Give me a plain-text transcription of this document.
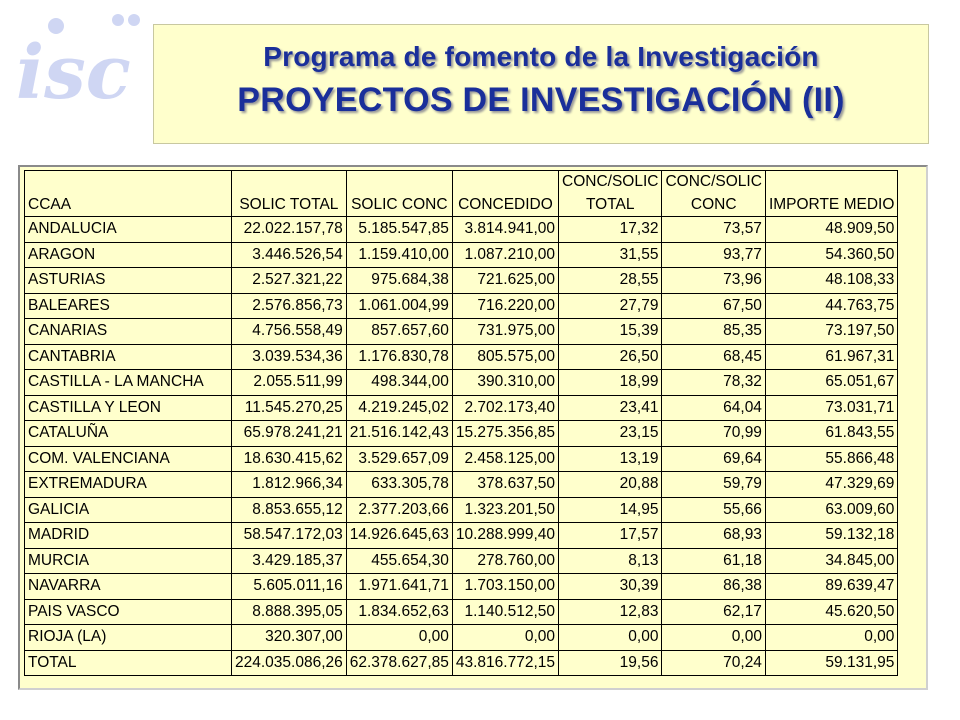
isc	Programa de fomento de la Investigación
PROYECTOS DE INVESTIGACIÓN (II)
				CONC/SOLIC	CONC/SOLIC	
CCAA	SOLIC TOTAL	SOLIC CONC	CONCEDIDO	TOTAL	CONC	IMPORTE MEDIO
ANDALUCIA	22.022.157,78	5.185.547,85	3.814.941,00	17,32	73,57	48.909,50
ARAGON	3.446.526,54	1.159.410,00	1.087.210,00	31,55	93,77	54.360,50
ASTURIAS	2.527.321,22	975.684,38	721.625,00	28,55	73,96	48.108,33
BALEARES	2.576.856,73	1.061.004,99	716.220,00	27,79	67,50	44.763,75
CANARIAS	4.756.558,49	857.657,60	731.975,00	15,39	85,35	73.197,50
CANTABRIA	3.039.534,36	1.176.830,78	805.575,00	26,50	68,45	61.967,31
CASTILLA - LA MANCHA	2.055.511,99	498.344,00	390.310,00	18,99	78,32	65.051,67
CASTILLA Y LEON	11.545.270,25	4.219.245,02	2.702.173,40	23,41	64,04	73.031,71
CATALUÑA	65.978.241,21	21.516.142,43	15.275.356,85	23,15	70,99	61.843,55
COM. VALENCIANA	18.630.415,62	3.529.657,09	2.458.125,00	13,19	69,64	55.866,48
EXTREMADURA	1.812.966,34	633.305,78	378.637,50	20,88	59,79	47.329,69
GALICIA	8.853.655,12	2.377.203,66	1.323.201,50	14,95	55,66	63.009,60
MADRID	58.547.172,03	14.926.645,63	10.288.999,40	17,57	68,93	59.132,18
MURCIA	3.429.185,37	455.654,30	278.760,00	8,13	61,18	34.845,00
NAVARRA	5.605.011,16	1.971.641,71	1.703.150,00	30,39	86,38	89.639,47
PAIS VASCO	8.888.395,05	1.834.652,63	1.140.512,50	12,83	62,17	45.620,50
RIOJA (LA)	320.307,00	0,00	0,00	0,00	0,00	0,00
TOTAL	224.035.086,26	62.378.627,85	43.816.772,15	19,56	70,24	59.131,95
